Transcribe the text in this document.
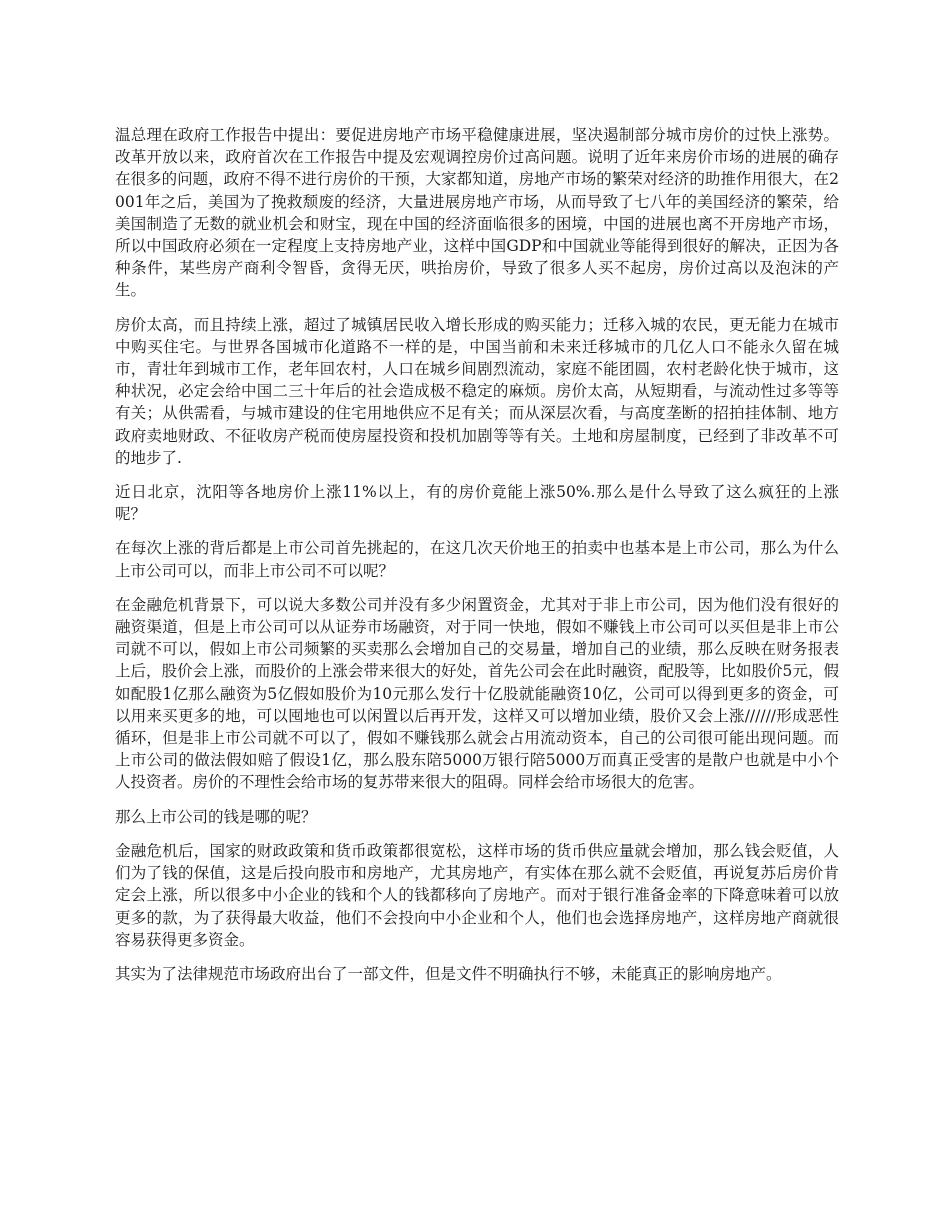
温总理在政府工作报告中提出：要促进房地产市场平稳健康进展，坚决遏制部分城市房价的过快上涨势。改革开放以来，政府首次在工作报告中提及宏观调控房价过高问题。说明了近年来房价市场的进展的确存在很多的问题，政府不得不进行房价的干预，大家都知道，房地产市场的繁荣对经济的助推作用很大，在2001年之后，美国为了挽救颓废的经济，大量进展房地产市场，从而导致了七八年的美国经济的繁荣，给美国制造了无数的就业机会和财宝，现在中国的经济面临很多的困境，中国的进展也离不开房地产市场，所以中国政府必须在一定程度上支持房地产业，这样中国GDP和中国就业等能得到很好的解决，正因为各种条件，某些房产商利令智昏，贪得无厌，哄抬房价，导致了很多人买不起房，房价过高以及泡沫的产生。

房价太高，而且持续上涨，超过了城镇居民收入增长形成的购买能力；迁移入城的农民，更无能力在城市中购买住宅。与世界各国城市化道路不一样的是，中国当前和未来迁移城市的几亿人口不能永久留在城市，青壮年到城市工作，老年回农村，人口在城乡间剧烈流动，家庭不能团圆，农村老龄化快于城市，这种状况，必定会给中国二三十年后的社会造成极不稳定的麻烦。房价太高，从短期看，与流动性过多等等有关；从供需看，与城市建设的住宅用地供应不足有关；而从深层次看，与高度垄断的招拍挂体制、地方政府卖地财政、不征收房产税而使房屋投资和投机加剧等等有关。土地和房屋制度，已经到了非改革不可的地步了.

近日北京，沈阳等各地房价上涨11%以上，有的房价竟能上涨50%.那么是什么导致了这么疯狂的上涨呢？

在每次上涨的背后都是上市公司首先挑起的，在这几次天价地王的拍卖中也基本是上市公司，那么为什么上市公司可以，而非上市公司不可以呢？

在金融危机背景下，可以说大多数公司并没有多少闲置资金，尤其对于非上市公司，因为他们没有很好的融资渠道，但是上市公司可以从证券市场融资，对于同一快地，假如不赚钱上市公司可以买但是非上市公司就不可以，假如上市公司频繁的买卖那么会增加自己的交易量，增加自己的业绩，那么反映在财务报表上后，股价会上涨，而股价的上涨会带来很大的好处，首先公司会在此时融资，配股等，比如股价5元，假如配股1亿那么融资为5亿假如股价为10元那么发行十亿股就能融资10亿，公司可以得到更多的资金，可以用来买更多的地，可以囤地也可以闲置以后再开发，这样又可以增加业绩，股价又会上涨//////形成恶性循环，但是非上市公司就不可以了，假如不赚钱那么就会占用流动资本，自己的公司很可能出现问题。而上市公司的做法假如赔了假设1亿，那么股东陪5000万银行陪5000万而真正受害的是散户也就是中小个人投资者。房价的不理性会给市场的复苏带来很大的阻碍。同样会给市场很大的危害。

那么上市公司的钱是哪的呢？

金融危机后，国家的财政政策和货币政策都很宽松，这样市场的货币供应量就会增加，那么钱会贬值，人们为了钱的保值，这是后投向股市和房地产，尤其房地产，有实体在那么就不会贬值，再说复苏后房价肯定会上涨，所以很多中小企业的钱和个人的钱都移向了房地产。而对于银行准备金率的下降意味着可以放更多的款，为了获得最大收益，他们不会投向中小企业和个人，他们也会选择房地产，这样房地产商就很容易获得更多资金。

其实为了法律规范市场政府出台了一部文件，但是文件不明确执行不够，未能真正的影响房地产。
